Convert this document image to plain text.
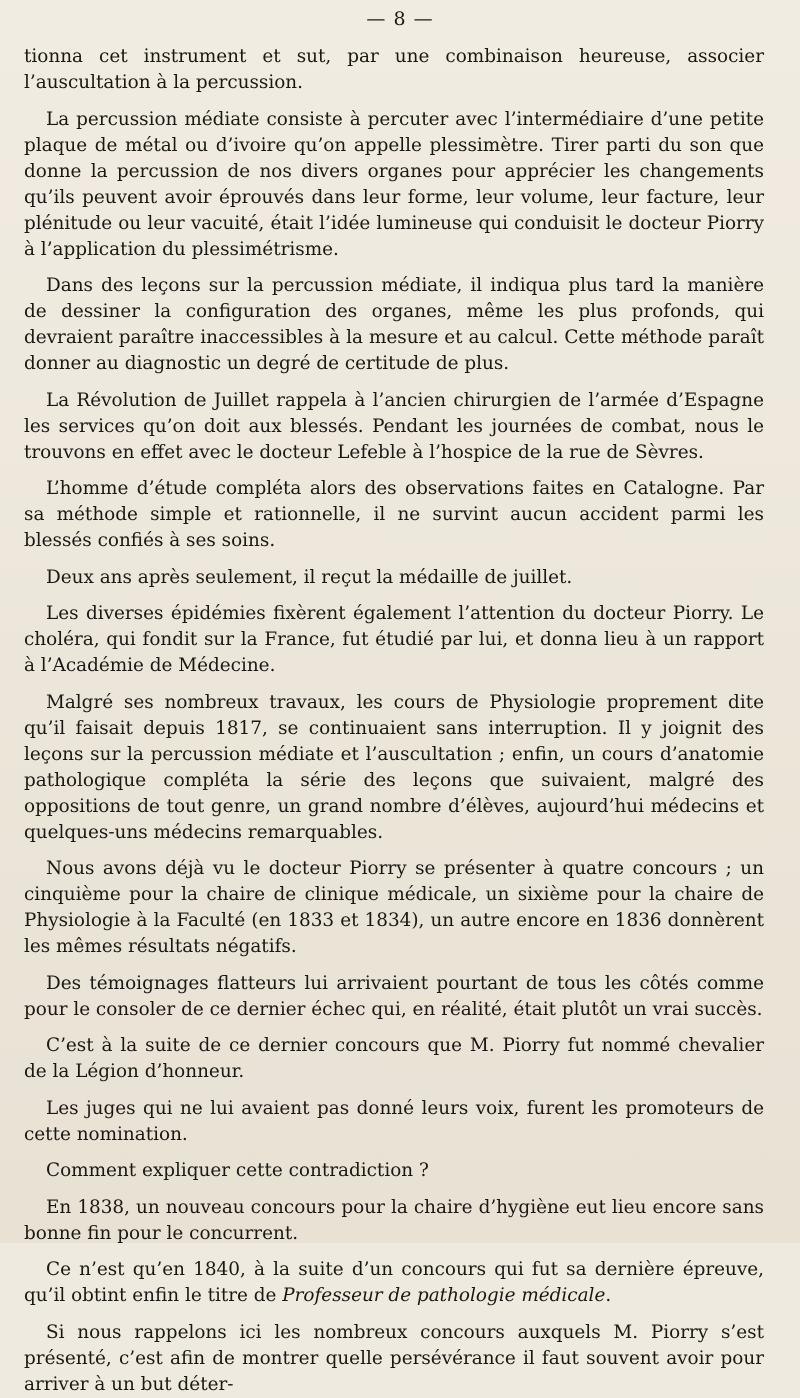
— 8 —

tionna cet instrument et sut, par une combinaison heureuse, associer l’auscultation à la percussion.

La percussion médiate consiste à percuter avec l’intermédiaire d’une petite plaque de métal ou d’ivoire qu’on appelle plessimètre. Tirer parti du son que donne la percussion de nos divers organes pour apprécier les changements qu’ils peuvent avoir éprouvés dans leur forme, leur volume, leur facture, leur plénitude ou leur vacuité, était l’idée lumineuse qui conduisit le docteur Piorry à l’application du plessimétrisme.

Dans des leçons sur la percussion médiate, il indiqua plus tard la manière de dessiner la configuration des organes, même les plus profonds, qui devraient paraître inaccessibles à la mesure et au calcul. Cette méthode paraît donner au diagnostic un degré de certitude de plus.

La Révolution de Juillet rappela à l’ancien chirurgien de l’armée d’Espagne les services qu’on doit aux blessés. Pendant les journées de combat, nous le trouvons en effet avec le docteur Lefeble à l’hospice de la rue de Sèvres.

L’homme d’étude compléta alors des observations faites en Catalogne. Par sa méthode simple et rationnelle, il ne survint aucun accident parmi les blessés confiés à ses soins.

Deux ans après seulement, il reçut la médaille de juillet.

Les diverses épidémies fixèrent également l’attention du docteur Piorry. Le choléra, qui fondit sur la France, fut étudié par lui, et donna lieu à un rapport à l’Académie de Médecine.

Malgré ses nombreux travaux, les cours de Physiologie proprement dite qu’il faisait depuis 1817, se continuaient sans interruption. Il y joignit des leçons sur la percussion médiate et l’auscultation ; enfin, un cours d’anatomie pathologique compléta la série des leçons que suivaient, malgré des oppositions de tout genre, un grand nombre d’élèves, aujourd’hui médecins et quelques-uns médecins remarquables.

Nous avons déjà vu le docteur Piorry se présenter à quatre concours ; un cinquième pour la chaire de clinique médicale, un sixième pour la chaire de Physiologie à la Faculté (en 1833 et 1834), un autre encore en 1836 donnèrent les mêmes résultats négatifs.

Des témoignages flatteurs lui arrivaient pourtant de tous les côtés comme pour le consoler de ce dernier échec qui, en réalité, était plutôt un vrai succès.

C’est à la suite de ce dernier concours que M. Piorry fut nommé chevalier de la Légion d’honneur.

Les juges qui ne lui avaient pas donné leurs voix, furent les promoteurs de cette nomination.

Comment expliquer cette contradiction ?

En 1838, un nouveau concours pour la chaire d’hygiène eut lieu encore sans bonne fin pour le concurrent.

Ce n’est qu’en 1840, à la suite d’un concours qui fut sa dernière épreuve, qu’il obtint enfin le titre de Professeur de pathologie médicale.

Si nous rappelons ici les nombreux concours auxquels M. Piorry s’est présenté, c’est afin de montrer quelle persévérance il faut souvent avoir pour arriver à un but déter-
